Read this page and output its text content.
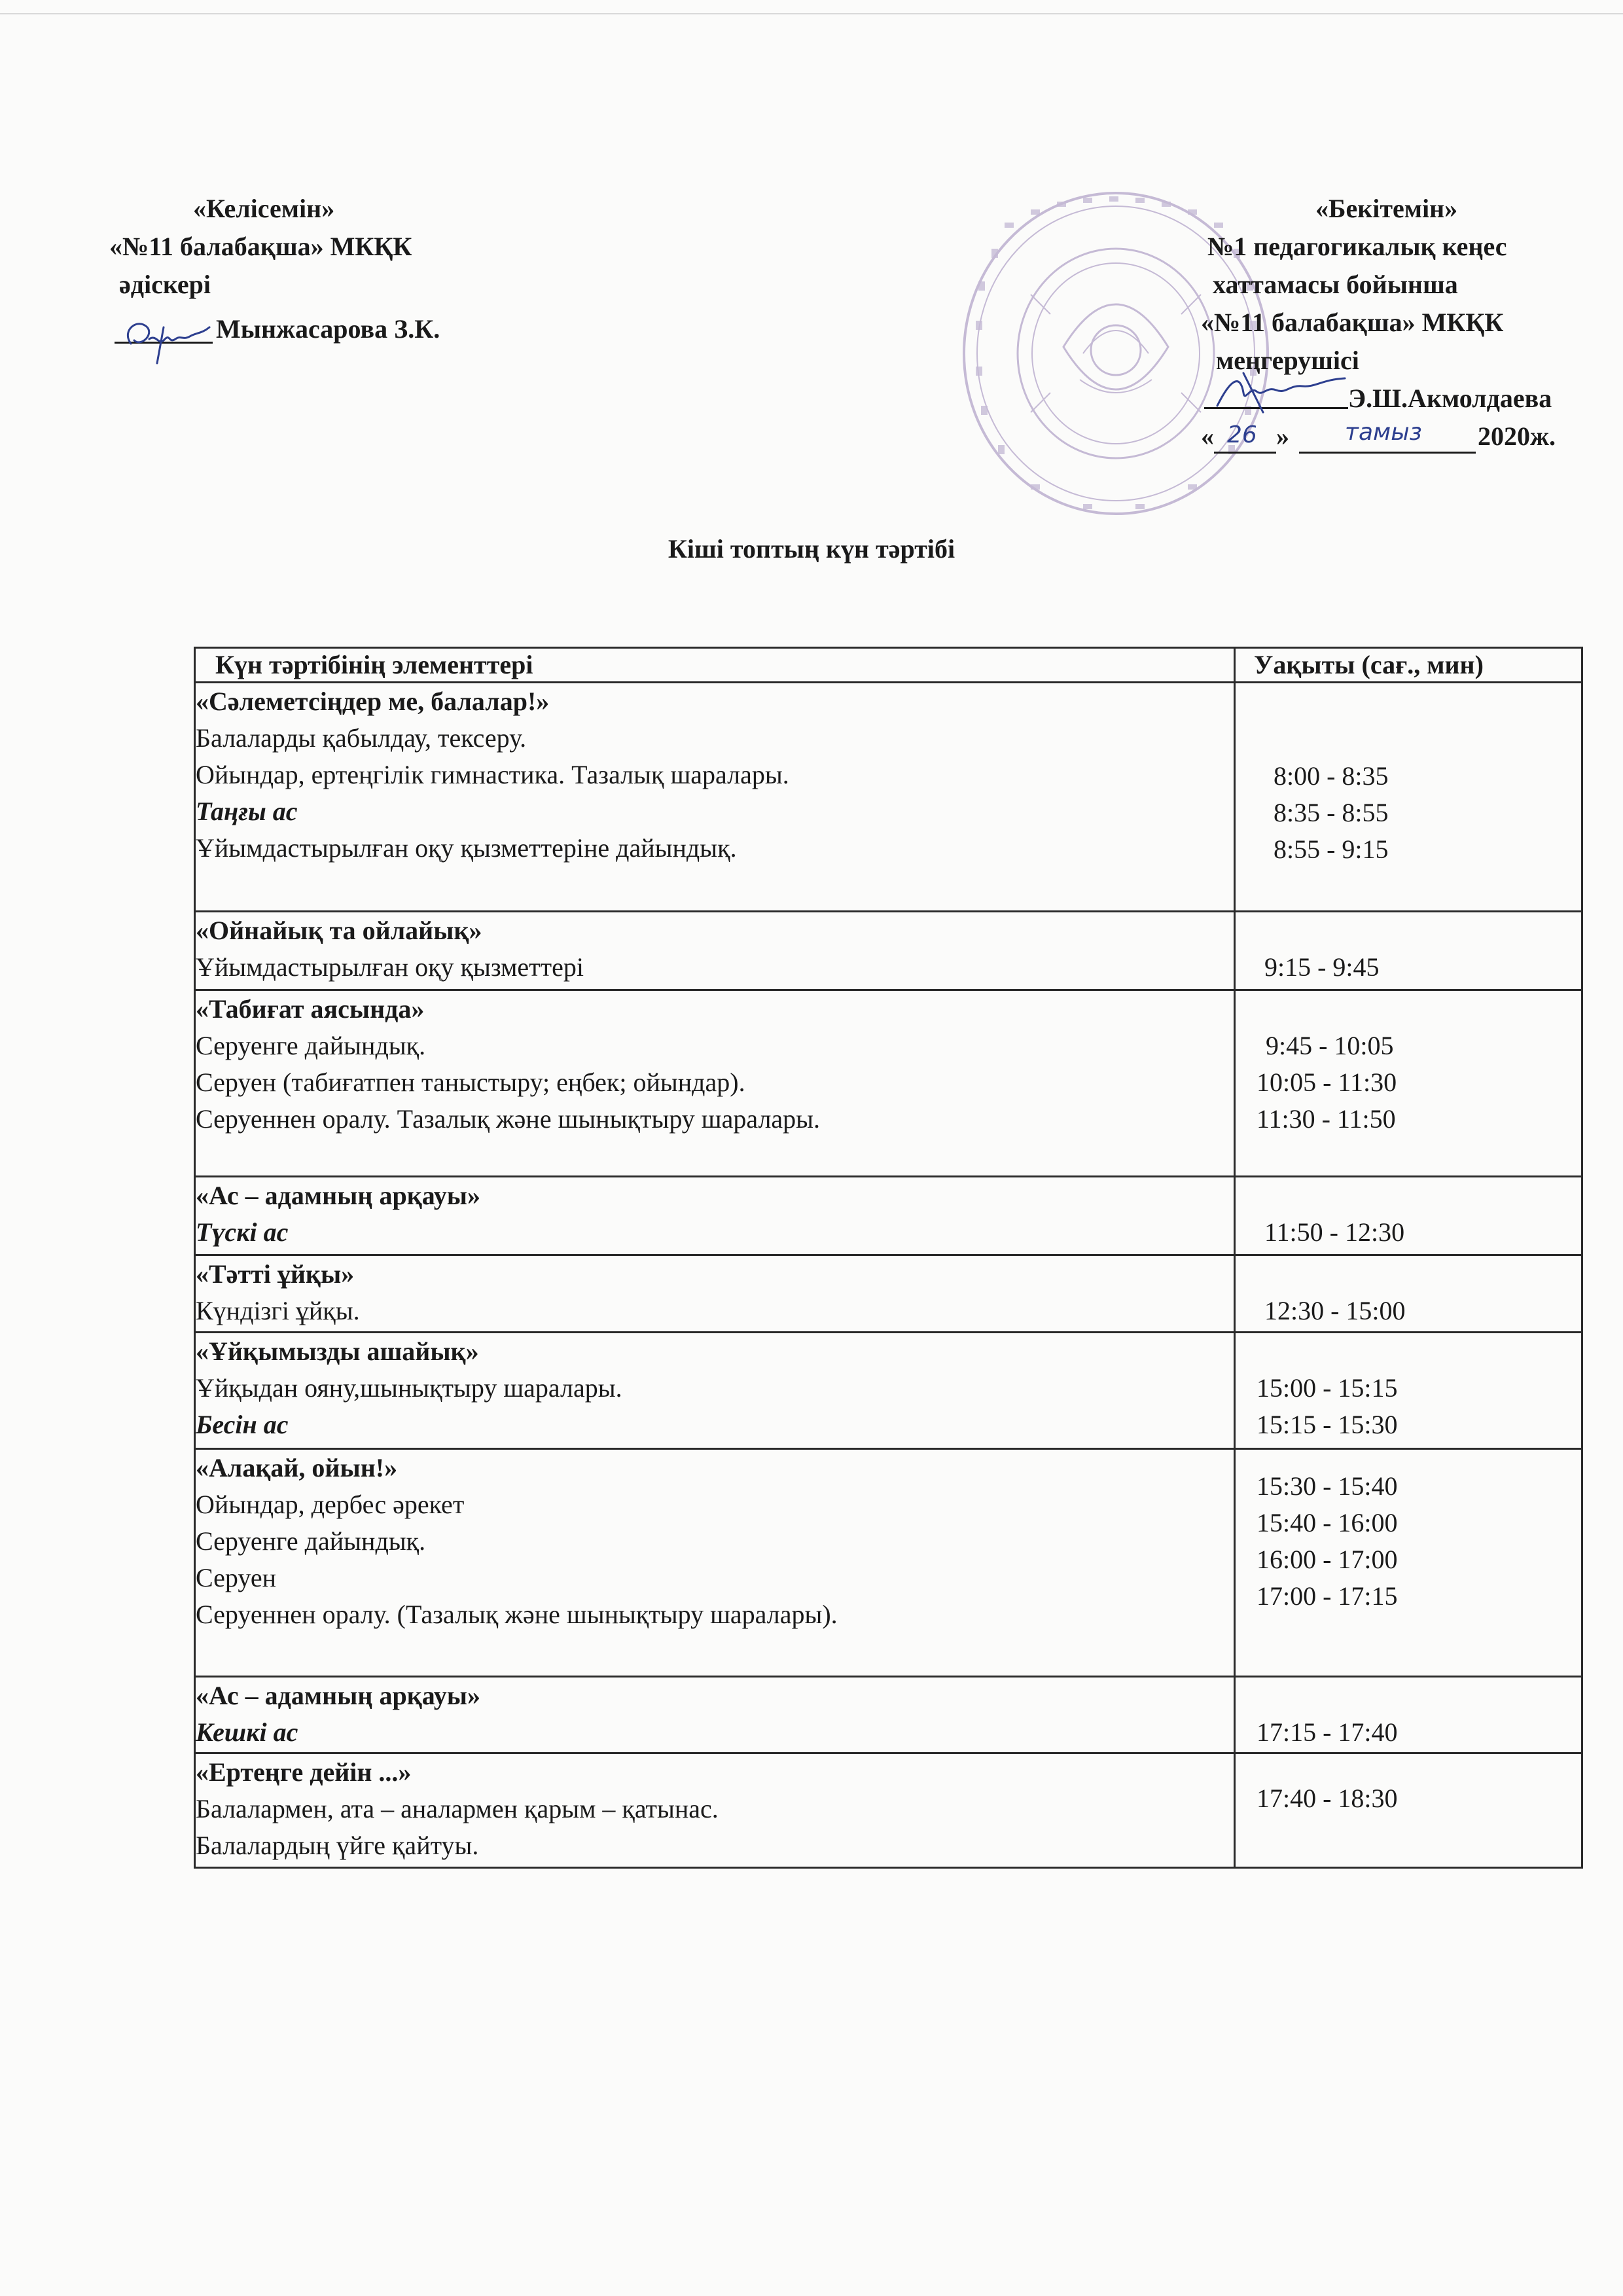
«Келісемін»
«№11 балабақша» МКҚК
әдіскері
Мынжасарова З.К.
«Бекітемін»
№1 педагогикалық кеңес
хаттамасы бойынша
«№11 балабақша» МКҚК
меңгерушісі
Э.Ш.Акмолдаева
« 26 » тамыз 2020ж.
Кіші топтың күн тәртібі
Күн тәртібінің элементтері	Уақыты (сағ., мин)

«Сәлеметсіңдер ме, балалар!»
Балаларды қабылдау, тексеру.
Ойындар, ертеңгілік гимнастика. Тазалық шаралары.
Таңғы ас
Ұйымдастырылған оқу қызметтеріне дайындық.	8:00 - 8:35
8:35 - 8:55
8:55 - 9:15

«Ойнайық та ойлайық»
Ұйымдастырылған оқу қызметтері	9:15 - 9:45

«Табиғат аясында»
Серуенге дайындық.
Серуен (табиғатпен таныстыру; еңбек; ойындар).
Серуеннен оралу. Тазалық және шынықтыру шаралары.	9:45 - 10:05
10:05 - 11:30
11:30 - 11:50

«Ас – адамның арқауы»
Түскі ас	11:50 - 12:30

«Тәтті ұйқы»
Күндізгі ұйқы.	12:30 - 15:00

«Ұйқымызды ашайық»
Ұйқыдан ояну,шынықтыру шаралары.
Бесін ас	15:00 - 15:15
15:15 - 15:30

«Алақай, ойын!»
Ойындар, дербес әрекет
Серуенге дайындық.
Серуен
Серуеннен оралу. (Тазалық және шынықтыру шаралары).	15:30 - 15:40
15:40 - 16:00
16:00 - 17:00
17:00 - 17:15

«Ас – адамның арқауы»
Кешкі ас	17:15 - 17:40

«Ертеңге дейін ...»
Балалармен, ата – аналармен қарым – қатынас.
Балалардың үйге қайтуы.	17:40 - 18:30
